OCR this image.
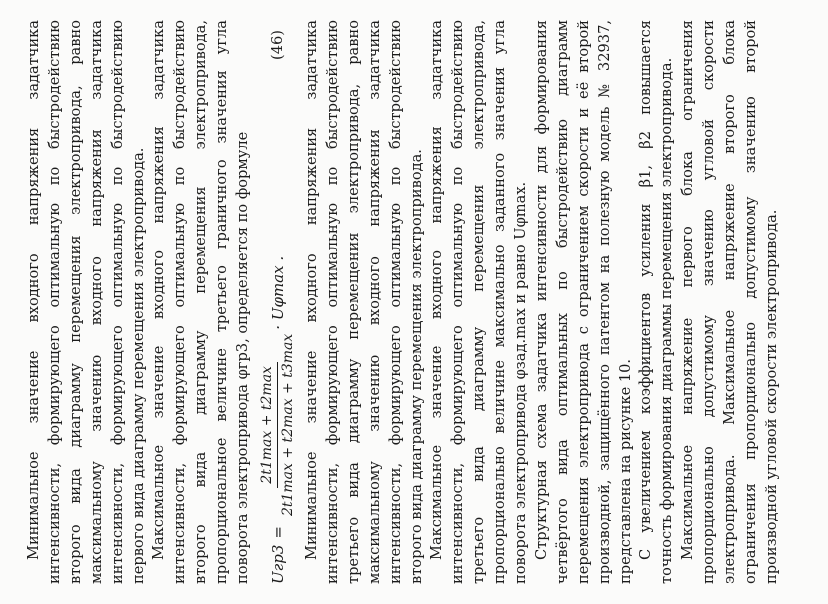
Минимальное значение входного напряжения задатчика интенсивности, формирующего оптимальную по быстродействию второго вида диаграмму перемещения электропривода, равно максимальному значению входного напряжения задатчика интенсивности, формирующего оптимальную по быстродействию первого вида диаграмму перемещения электропривода. Максимальное значение входного напряжения задатчика интенсивности, формирующего оптимальную по быстродействию второго вида диаграмму перемещения электропривода, пропорциональное величине третьего граничного значения угла поворота электропривода φгр3, определяется по формуле Uгр3
=
2t1max + t2max 2t1max + t2max + t3max
· Uφmax .
(46) Минимальное значение входного напряжения задатчика интенсивности, формирующего оптимальную по быстродействию третьего вида диаграмму перемещения электропривода, равно максимальному значению входного напряжения задатчика интенсивности, формирующего оптимальную по быстродействию второго вида диаграмму перемещения электропривода. Максимальное значение входного напряжения задатчика интенсивности, формирующего оптимальную по быстродействию третьего вида диаграмму перемещения электропривода, пропорционально величине максимально заданного значения угла поворота электропривода φзад.max и равно Uφmax. Структурная схема задатчика интенсивности для формирования четвёртого вида оптимальных по быстродействию диаграмм перемещения электропривода с ограничением скорости и её второй производной, защищённого патентом на полезную модель № 32937, представлена на рисунке 10. С увеличением коэффициентов усиления β1, β2 повышается точность формирования диаграммы перемещения электропривода. Максимальное напряжение первого блока ограничения пропорционально допустимому значению угловой скорости электропривода. Максимальное напряжение второго блока ограничения пропорционально допустимому значению второй производной угловой скорости электропривода.
